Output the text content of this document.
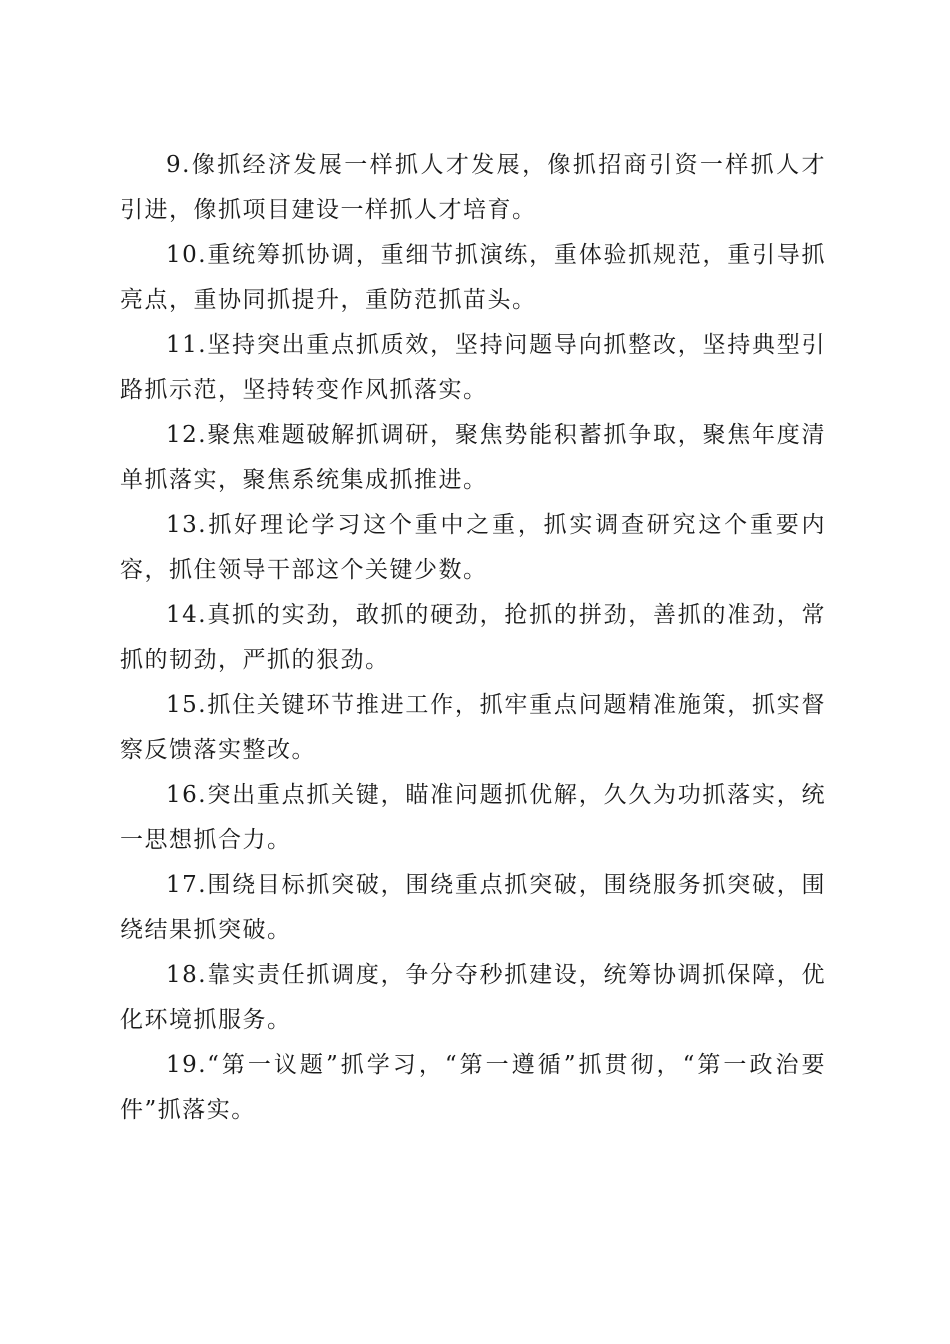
9.像抓经济发展一样抓人才发展，像抓招商引资一样抓人才引进，像抓项目建设一样抓人才培育。

10.重统筹抓协调，重细节抓演练，重体验抓规范，重引导抓亮点，重协同抓提升，重防范抓苗头。

11.坚持突出重点抓质效，坚持问题导向抓整改，坚持典型引路抓示范，坚持转变作风抓落实。

12.聚焦难题破解抓调研，聚焦势能积蓄抓争取，聚焦年度清单抓落实，聚焦系统集成抓推进。

13.抓好理论学习这个重中之重，抓实调查研究这个重要内容，抓住领导干部这个关键少数。

14.真抓的实劲，敢抓的硬劲，抢抓的拼劲，善抓的准劲，常抓的韧劲，严抓的狠劲。

15.抓住关键环节推进工作，抓牢重点问题精准施策，抓实督察反馈落实整改。

16.突出重点抓关键，瞄准问题抓优解，久久为功抓落实，统一思想抓合力。

17.围绕目标抓突破，围绕重点抓突破，围绕服务抓突破，围绕结果抓突破。

18.靠实责任抓调度，争分夺秒抓建设，统筹协调抓保障，优化环境抓服务。

19.“第一议题”抓学习，“第一遵循”抓贯彻，“第一政治要件”抓落实。
